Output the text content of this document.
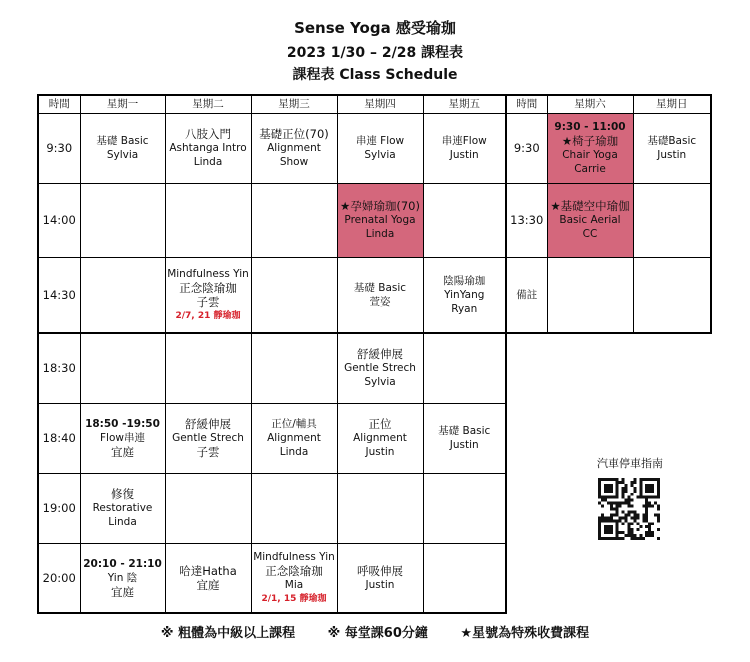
Sense Yoga 感受瑜珈
2023 1/30 – 2/28 課程表
課程表 Class Schedule
時間	星期一	星期二	星期三	星期四	星期五
9:30	基礎 Basic
Sylvia	八肢入門
Ashtanga Intro
Linda	基礎正位(70)
Alignment
Show	串連 Flow
Sylvia	串連Flow
Justin

14:00				★孕婦瑜珈(70)
Prenatal Yoga
Linda	

14:30		Mindfulness Yin
正念陰瑜珈
子雲
2/7, 21 靜瑜珈		基礎 Basic
萱姿	陰陽瑜珈
YinYang
Ryan

18:30				舒緩伸展
Gentle Strech
Sylvia	

18:40	18:50 -19:50
Flow串連
宜庭	舒緩伸展
Gentle Strech
子雲	正位/輔具
Alignment
Linda	正位
Alignment
Justin	基礎 Basic
Justin

19:00	修復
Restorative
Linda				

20:00	20:10 - 21:10
Yin 陰
宜庭	哈達Hatha
宜庭	Mindfulness Yin
正念陰瑜珈
Mia
2/1, 15 靜瑜珈	呼吸伸展
Justin	

時間	星期六	星期日
9:30	9:30 - 11:00
★椅子瑜珈
Chair Yoga
Carrie	基礎Basic
Justin

13:30	★基礎空中瑜伽
Basic Aerial
CC	

備註		
汽車停車指南
※ 粗體為中級以上課程	※ 每堂課60分鐘	★星號為特殊收費課程
